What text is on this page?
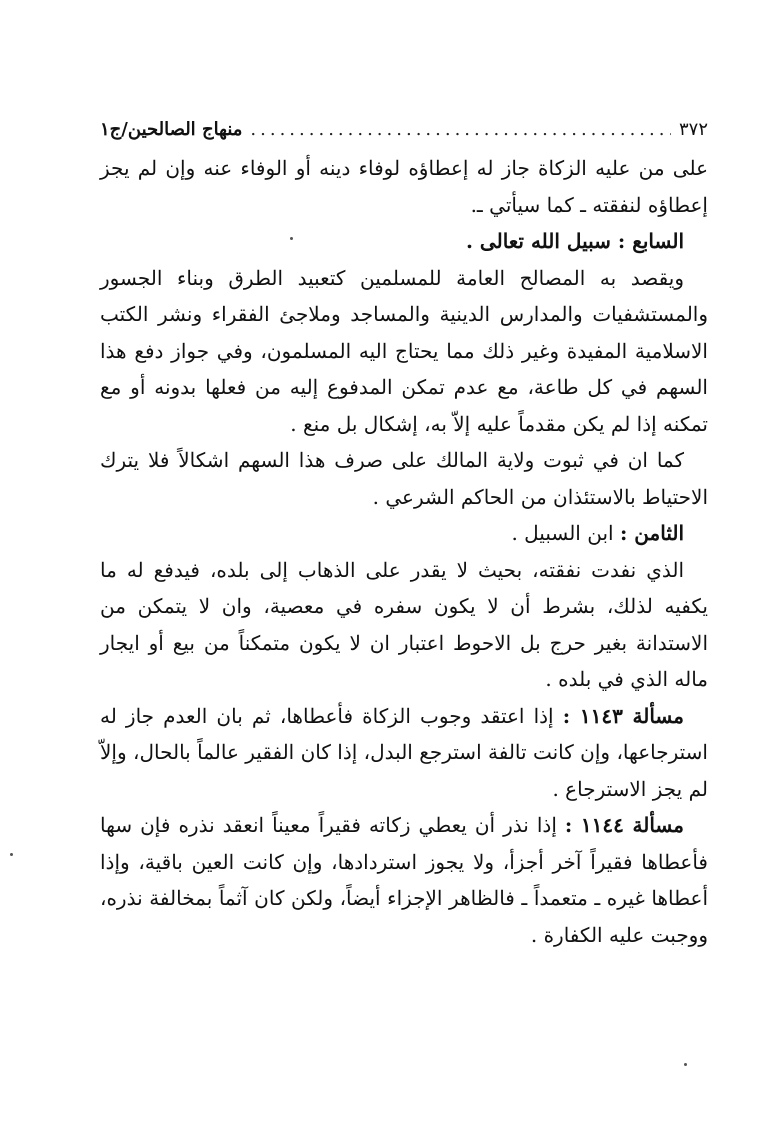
٣٧٢
.....
منهاج الصالحين/ج١

على من عليه الزكاة جاز له إعطاؤه لوفاء دينه أو الوفاء عنه وإن لم يجز إعطاؤه لنفقته ـ كما سيأتي ـ.

السابع : سبيل الله تعالى .

ويقصد به المصالح العامة للمسلمين كتعبيد الطرق وبناء الجسور والمستشفيات والمدارس الدينية والمساجد وملاجئ الفقراء ونشر الكتب الاسلامية المفيدة وغير ذلك مما يحتاج اليه المسلمون، وفي جواز دفع هذا السهم في كل طاعة، مع عدم تمكن المدفوع إليه من فعلها بدونه أو مع تمكنه إذا لم يكن مقدماً عليه إلاّ به، إشكال بل منع .

كما ان في ثبوت ولاية المالك على صرف هذا السهم اشكالاً فلا يترك الاحتياط بالاستئذان من الحاكم الشرعي .

الثامن : ابن السبيل .

الذي نفدت نفقته، بحيث لا يقدر على الذهاب إلى بلده، فيدفع له ما يكفيه لذلك، بشرط أن لا يكون سفره في معصية، وان لا يتمكن من الاستدانة بغير حرج بل الاحوط اعتبار ان لا يكون متمكناً من بيع أو ايجار ماله الذي في بلده .

مسألة ١١٤٣ : إذا اعتقد وجوب الزكاة فأعطاها، ثم بان العدم جاز له استرجاعها، وإن كانت تالفة استرجع البدل، إذا كان الفقير عالماً بالحال، وإلاّ لم يجز الاسترجاع .

مسألة ١١٤٤ : إذا نذر أن يعطي زكاته فقيراً معيناً انعقد نذره فإن سها فأعطاها فقيراً آخر أجزأ، ولا يجوز استردادها، وإن كانت العين باقية، وإذا أعطاها غيره ـ متعمداً ـ فالظاهر الإجزاء أيضاً، ولكن كان آثماً بمخالفة نذره، ووجبت عليه الكفارة .
